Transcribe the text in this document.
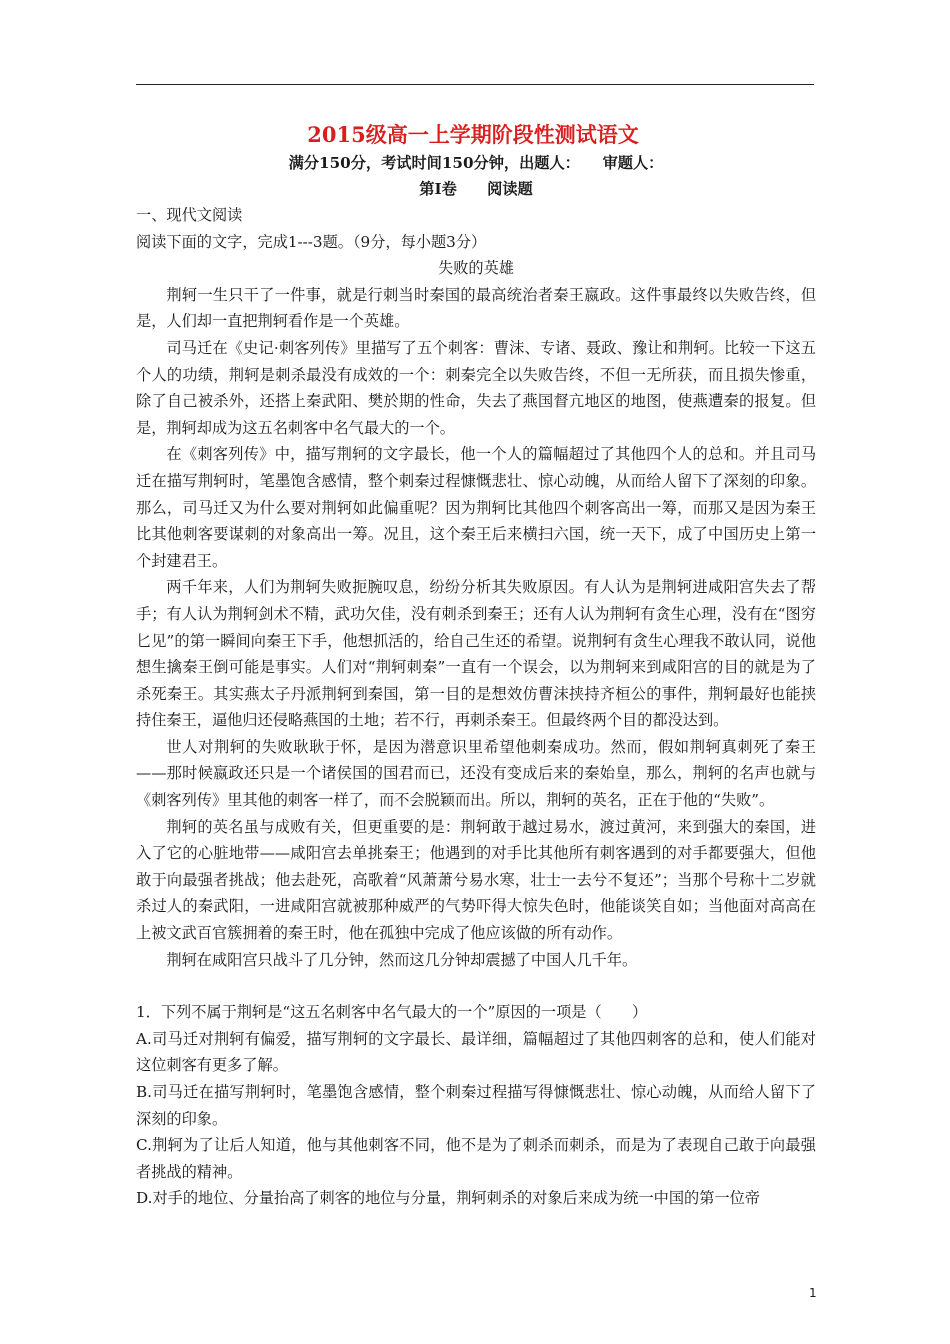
2015级高一上学期阶段性测试语文
满分150分，考试时间150分钟，出题人：　　审题人：
第Ⅰ卷　　阅读题
一、现代文阅读
阅读下面的文字，完成1---3题。（9分，每小题3分）
失败的英雄
荆轲一生只干了一件事，就是行刺当时秦国的最高统治者秦王嬴政。这件事最终以失败告终，但是，人们却一直把荆轲看作是一个英雄。
司马迁在《史记·刺客列传》里描写了五个刺客：曹沫、专诸、聂政、豫让和荆轲。比较一下这五个人的功绩，荆轲是刺杀最没有成效的一个：刺秦完全以失败告终，不但一无所获，而且损失惨重，除了自己被杀外，还搭上秦武阳、樊於期的性命，失去了燕国督亢地区的地图，使燕遭秦的报复。但是，荆轲却成为这五名刺客中名气最大的一个。
在《刺客列传》中，描写荆轲的文字最长，他一个人的篇幅超过了其他四个人的总和。并且司马迁在描写荆轲时，笔墨饱含感情，整个刺秦过程慷慨悲壮、惊心动魄，从而给人留下了深刻的印象。那么，司马迁又为什么要对荆轲如此偏重呢？因为荆轲比其他四个刺客高出一筹，而那又是因为秦王比其他刺客要谋刺的对象高出一筹。况且，这个秦王后来横扫六国，统一天下，成了中国历史上第一个封建君王。
两千年来，人们为荆轲失败扼腕叹息，纷纷分析其失败原因。有人认为是荆轲进咸阳宫失去了帮手；有人认为荆轲剑术不精，武功欠佳，没有刺杀到秦王；还有人认为荆轲有贪生心理，没有在“图穷匕见”的第一瞬间向秦王下手，他想抓活的，给自己生还的希望。说荆轲有贪生心理我不敢认同，说他想生擒秦王倒可能是事实。人们对“荆轲刺秦”一直有一个误会，以为荆轲来到咸阳宫的目的就是为了杀死秦王。其实燕太子丹派荆轲到秦国，第一目的是想效仿曹沫挟持齐桓公的事件，荆轲最好也能挟持住秦王，逼他归还侵略燕国的土地；若不行，再刺杀秦王。但最终两个目的都没达到。
世人对荆轲的失败耿耿于怀，是因为潜意识里希望他刺秦成功。然而，假如荆轲真刺死了秦王——那时候嬴政还只是一个诸侯国的国君而已，还没有变成后来的秦始皇，那么，荆轲的名声也就与《刺客列传》里其他的刺客一样了，而不会脱颖而出。所以，荆轲的英名，正在于他的“失败”。
荆轲的英名虽与成败有关，但更重要的是：荆轲敢于越过易水，渡过黄河，来到强大的秦国，进入了它的心脏地带——咸阳宫去单挑秦王；他遇到的对手比其他所有刺客遇到的对手都要强大，但他敢于向最强者挑战；他去赴死，高歌着“风萧萧兮易水寒，壮士一去兮不复还”；当那个号称十二岁就杀过人的秦武阳，一进咸阳宫就被那种威严的气势吓得大惊失色时，他能谈笑自如；当他面对高高在上被文武百官簇拥着的秦王时，他在孤独中完成了他应该做的所有动作。
荆轲在咸阳宫只战斗了几分钟，然而这几分钟却震撼了中国人几千年。
1．下列不属于荆轲是“这五名刺客中名气最大的一个”原因的一项是（　　）
A.司马迁对荆轲有偏爱，描写荆轲的文字最长、最详细，篇幅超过了其他四刺客的总和，使人们能对这位刺客有更多了解。
B.司马迁在描写荆轲时，笔墨饱含感情，整个刺秦过程描写得慷慨悲壮、惊心动魄，从而给人留下了深刻的印象。
C.荆轲为了让后人知道，他与其他刺客不同，他不是为了刺杀而刺杀，而是为了表现自己敢于向最强者挑战的精神。
D.对手的地位、分量抬高了刺客的地位与分量，荆轲刺杀的对象后来成为统一中国的第一位帝
1
